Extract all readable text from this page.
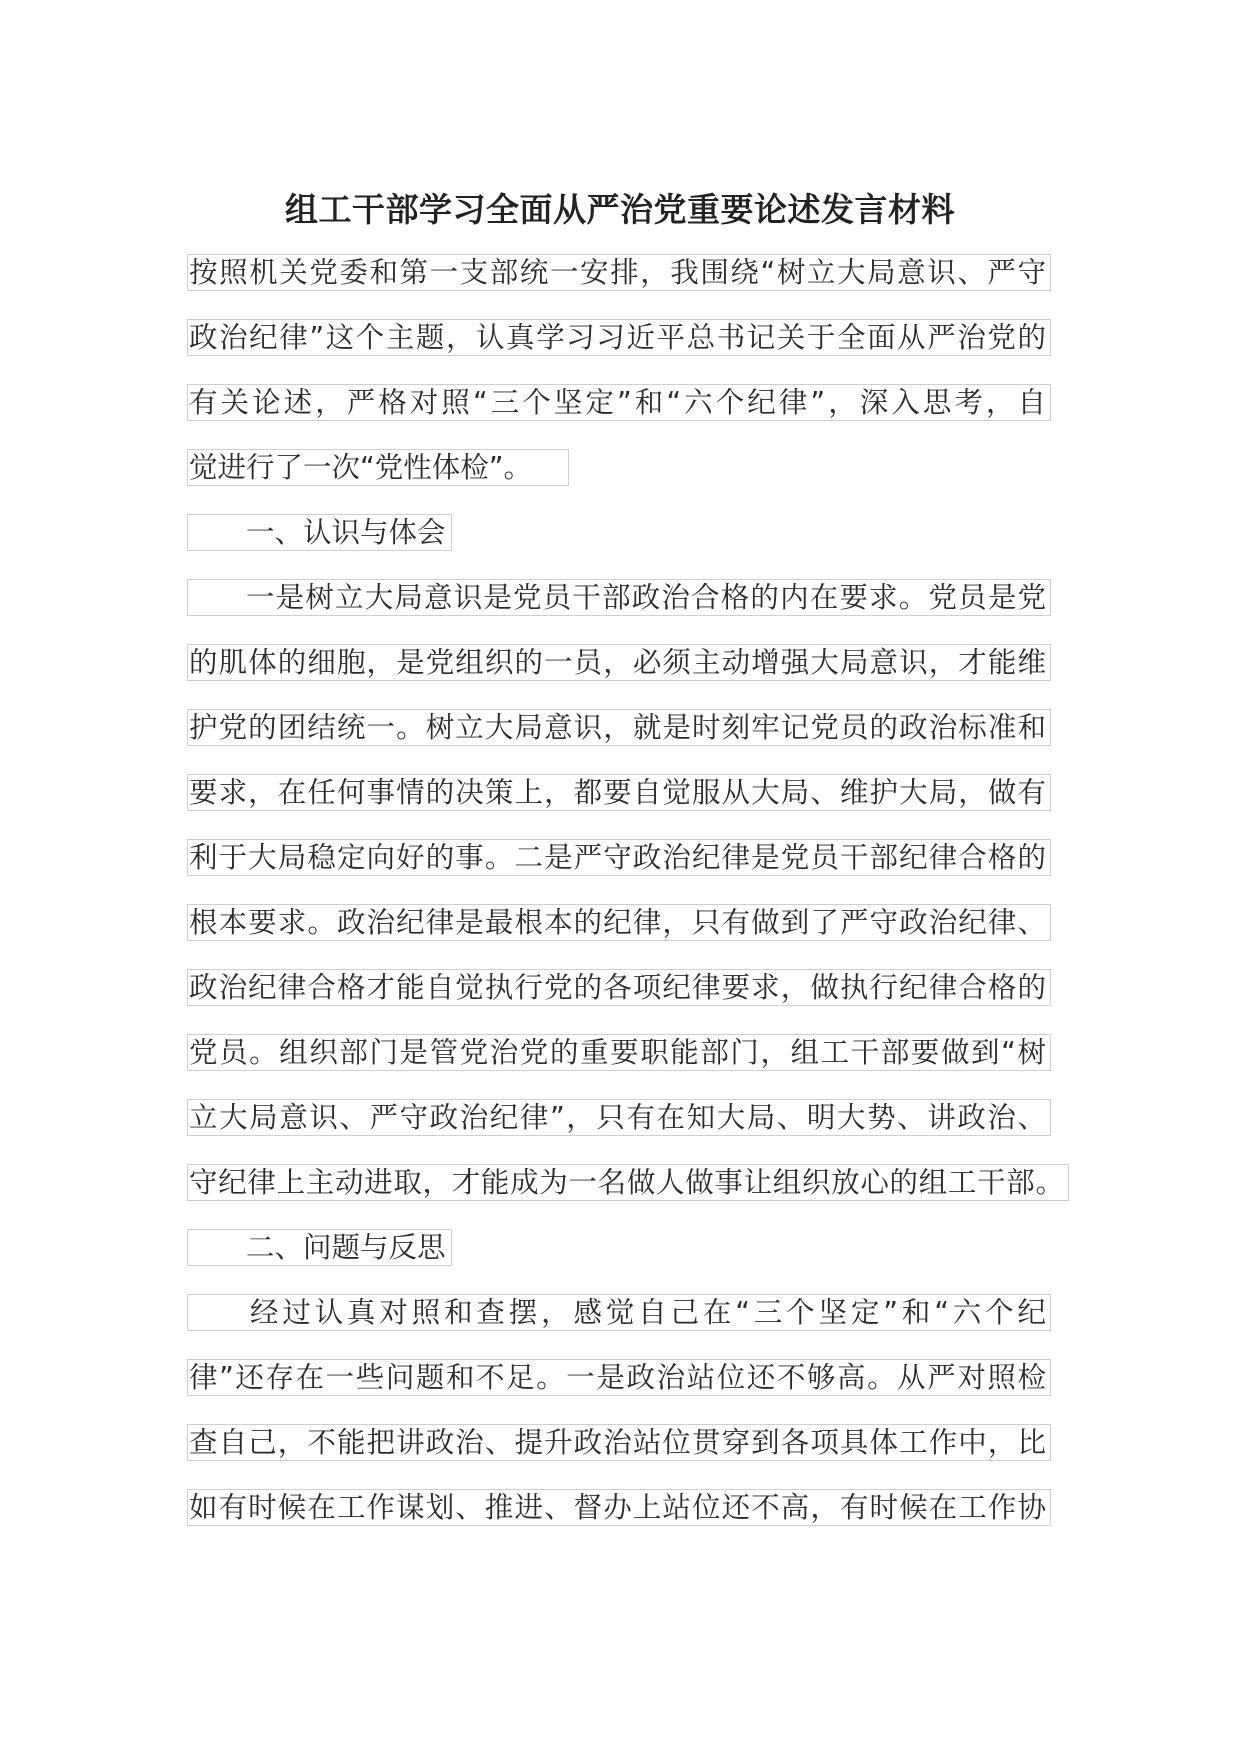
组工干部学习全面从严治党重要论述发言材料
按照机关党委和第一支部统一安排，我围绕“树立大局意识、严守
政治纪律”这个主题，认真学习习近平总书记关于全面从严治党的
有关论述，严格对照“三个坚定”和“六个纪律”，深入思考，自
觉进行了一次“党性体检”。
一、认识与体会
一是树立大局意识是党员干部政治合格的内在要求。党员是党
的肌体的细胞，是党组织的一员，必须主动增强大局意识，才能维
护党的团结统一。树立大局意识，就是时刻牢记党员的政治标准和
要求，在任何事情的决策上，都要自觉服从大局、维护大局，做有
利于大局稳定向好的事。二是严守政治纪律是党员干部纪律合格的
根本要求。政治纪律是最根本的纪律，只有做到了严守政治纪律、
政治纪律合格才能自觉执行党的各项纪律要求，做执行纪律合格的
党员。组织部门是管党治党的重要职能部门，组工干部要做到“树
立大局意识、严守政治纪律”，只有在知大局、明大势、讲政治、
守纪律上主动进取，才能成为一名做人做事让组织放心的组工干部。
二、问题与反思
经过认真对照和查摆，感觉自己在“三个坚定”和“六个纪
律”还存在一些问题和不足。一是政治站位还不够高。从严对照检
查自己，不能把讲政治、提升政治站位贯穿到各项具体工作中，比
如有时候在工作谋划、推进、督办上站位还不高，有时候在工作协
